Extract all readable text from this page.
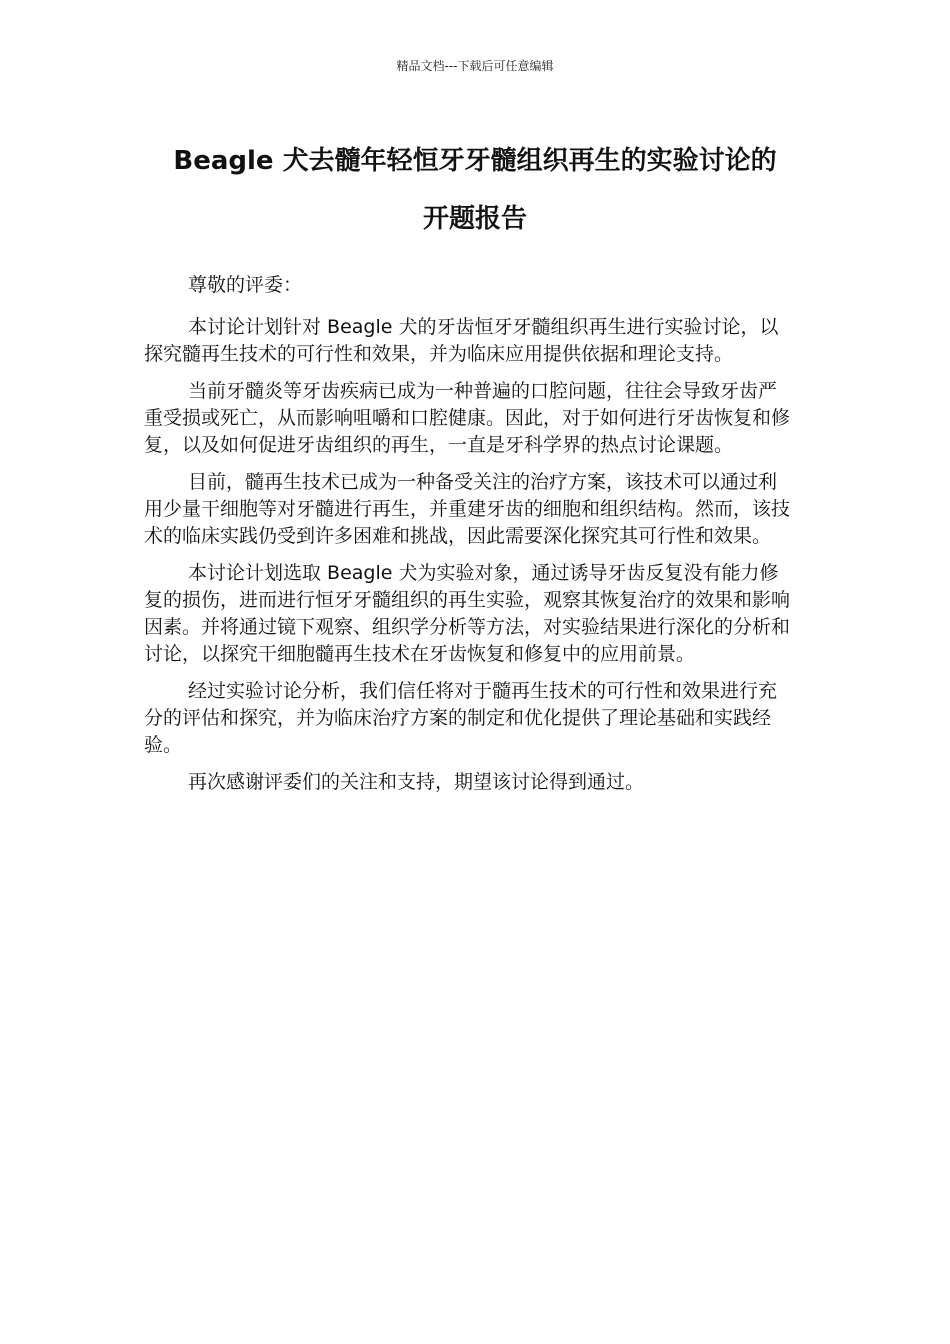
精品文档---下载后可任意编辑
Beagle 犬去髓年轻恒牙牙髓组织再生的实验讨论的
开题报告

尊敬的评委：

本讨论计划针对 Beagle 犬的牙齿恒牙牙髓组织再生进行实验讨论，以探究髓再生技术的可行性和效果，并为临床应用提供依据和理论支持。

当前牙髓炎等牙齿疾病已成为一种普遍的口腔问题，往往会导致牙齿严重受损或死亡，从而影响咀嚼和口腔健康。因此，对于如何进行牙齿恢复和修复，以及如何促进牙齿组织的再生，一直是牙科学界的热点讨论课题。

目前，髓再生技术已成为一种备受关注的治疗方案，该技术可以通过利用少量干细胞等对牙髓进行再生，并重建牙齿的细胞和组织结构。然而，该技术的临床实践仍受到许多困难和挑战，因此需要深化探究其可行性和效果。

本讨论计划选取 Beagle 犬为实验对象，通过诱导牙齿反复没有能力修复的损伤，进而进行恒牙牙髓组织的再生实验，观察其恢复治疗的效果和影响因素。并将通过镜下观察、组织学分析等方法，对实验结果进行深化的分析和讨论，以探究干细胞髓再生技术在牙齿恢复和修复中的应用前景。

经过实验讨论分析，我们信任将对于髓再生技术的可行性和效果进行充分的评估和探究，并为临床治疗方案的制定和优化提供了理论基础和实践经验。

再次感谢评委们的关注和支持，期望该讨论得到通过。
